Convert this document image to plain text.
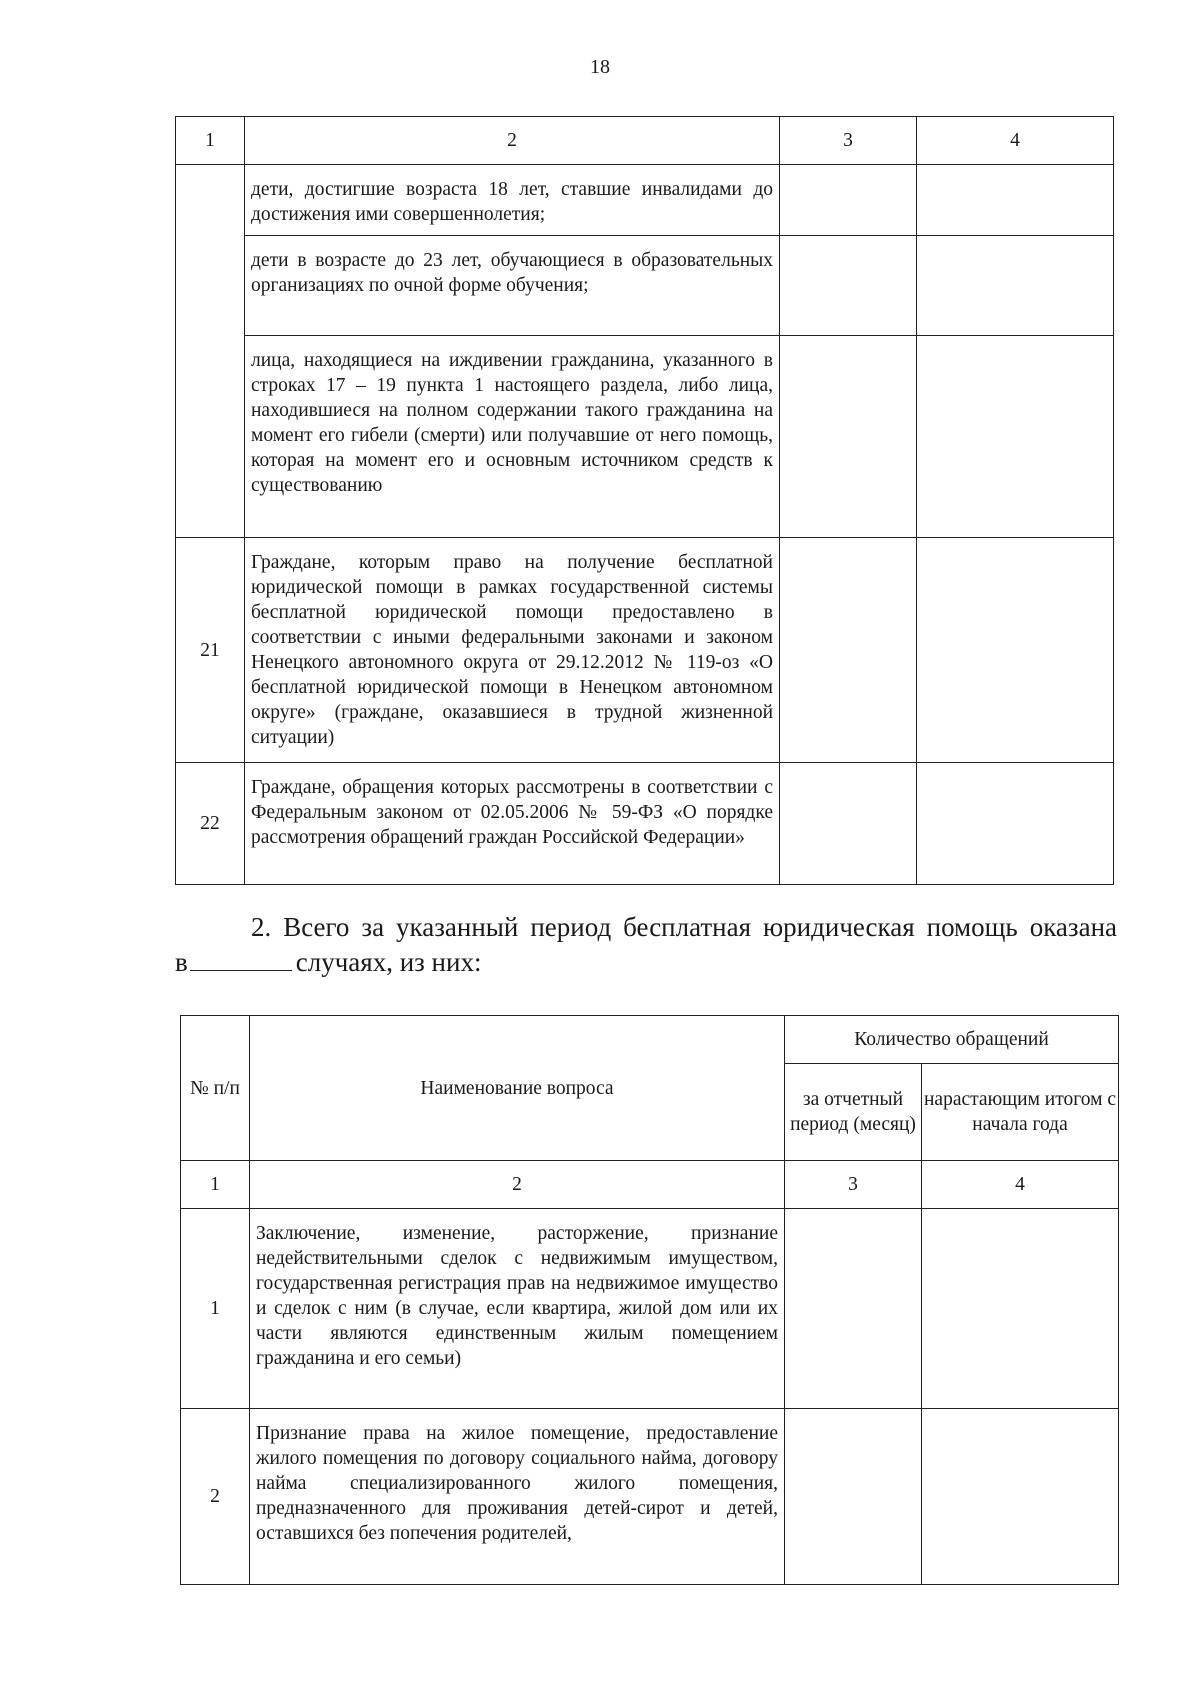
18
1	2	3	4
	дети, достигшие возраста 18 лет, ставшие инвалидами до достижения ими совершеннолетия;		
	дети в возрасте до 23 лет, обучающиеся в образовательных организациях по очной форме обучения;		
	лица, находящиеся на иждивении гражданина, указанного в строках 17 – 19 пункта 1 настоящего раздела, либо лица, находившиеся на полном содержании такого гражданина на момент его гибели (смерти) или получавшие от него помощь, которая на момент его и основным источником средств к существованию		
21	Граждане, которым право на получение бесплатной юридической помощи в рамках государственной системы бесплатной юридической помощи предоставлено в соответствии с иными федеральными законами и законом Ненецкого автономного округа от 29.12.2012 № 119-оз «О бесплатной юридической помощи в Ненецком автономном округе» (граждане, оказавшиеся в трудной жизненной ситуации)		
22	Граждане, обращения которых рассмотрены в соответствии с Федеральным законом от 02.05.2006 № 59-ФЗ «О порядке рассмотрения обращений граждан Российской Федерации»		
2. Всего за указанный период бесплатная юридическая помощь оказана
в	случаях, из них:
№ п/п	Наименование вопроса	Количество обращений	
		за отчетный период (месяц)	нарастающим итогом с начала года
1	2	3	4
1	Заключение, изменение, расторжение, признание недействительными сделок с недвижимым имуществом, государственная регистрация прав на недвижимое имущество и сделок с ним (в случае, если квартира, жилой дом или их части являются единственным жилым помещением гражданина и его семьи)		
2	Признание права на жилое помещение, предоставление жилого помещения по договору социального найма, договору найма специализированного жилого помещения, предназначенного для проживания детей-сирот и детей, оставшихся без попечения родителей,		
